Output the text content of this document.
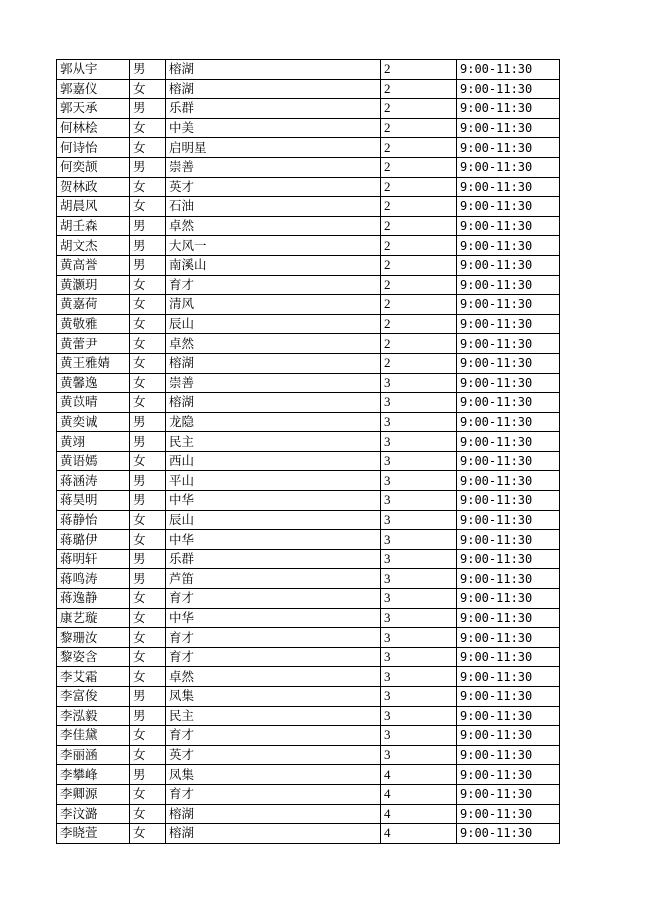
郭从宇	男	榕湖	2	9:00-11:30
郭嘉仪	女	榕湖	2	9:00-11:30
郭天承	男	乐群	2	9:00-11:30
何林桧	女	中美	2	9:00-11:30
何诗怡	女	启明星	2	9:00-11:30
何奕颉	男	崇善	2	9:00-11:30
贺林政	女	英才	2	9:00-11:30
胡晨风	女	石油	2	9:00-11:30
胡壬森	男	卓然	2	9:00-11:30
胡文杰	男	大风一	2	9:00-11:30
黄高誉	男	南溪山	2	9:00-11:30
黄灏玥	女	育才	2	9:00-11:30
黄嘉荷	女	清风	2	9:00-11:30
黄敬雅	女	辰山	2	9:00-11:30
黄蕾尹	女	卓然	2	9:00-11:30
黄王雅婧	女	榕湖	2	9:00-11:30
黄馨逸	女	崇善	3	9:00-11:30
黄苡晴	女	榕湖	3	9:00-11:30
黄奕诚	男	龙隐	3	9:00-11:30
黄翊	男	民主	3	9:00-11:30
黄语嫣	女	西山	3	9:00-11:30
蒋涵涛	男	平山	3	9:00-11:30
蒋昊明	男	中华	3	9:00-11:30
蒋静怡	女	辰山	3	9:00-11:30
蒋璐伊	女	中华	3	9:00-11:30
蒋明轩	男	乐群	3	9:00-11:30
蒋鸣涛	男	芦笛	3	9:00-11:30
蒋逸静	女	育才	3	9:00-11:30
康艺璇	女	中华	3	9:00-11:30
黎珊汝	女	育才	3	9:00-11:30
黎姿含	女	育才	3	9:00-11:30
李艾霜	女	卓然	3	9:00-11:30
李富俊	男	凤集	3	9:00-11:30
李泓毅	男	民主	3	9:00-11:30
李佳黛	女	育才	3	9:00-11:30
李丽涵	女	英才	3	9:00-11:30
李攀峰	男	凤集	4	9:00-11:30
李卿源	女	育才	4	9:00-11:30
李汶潞	女	榕湖	4	9:00-11:30
李晓萱	女	榕湖	4	9:00-11:30
